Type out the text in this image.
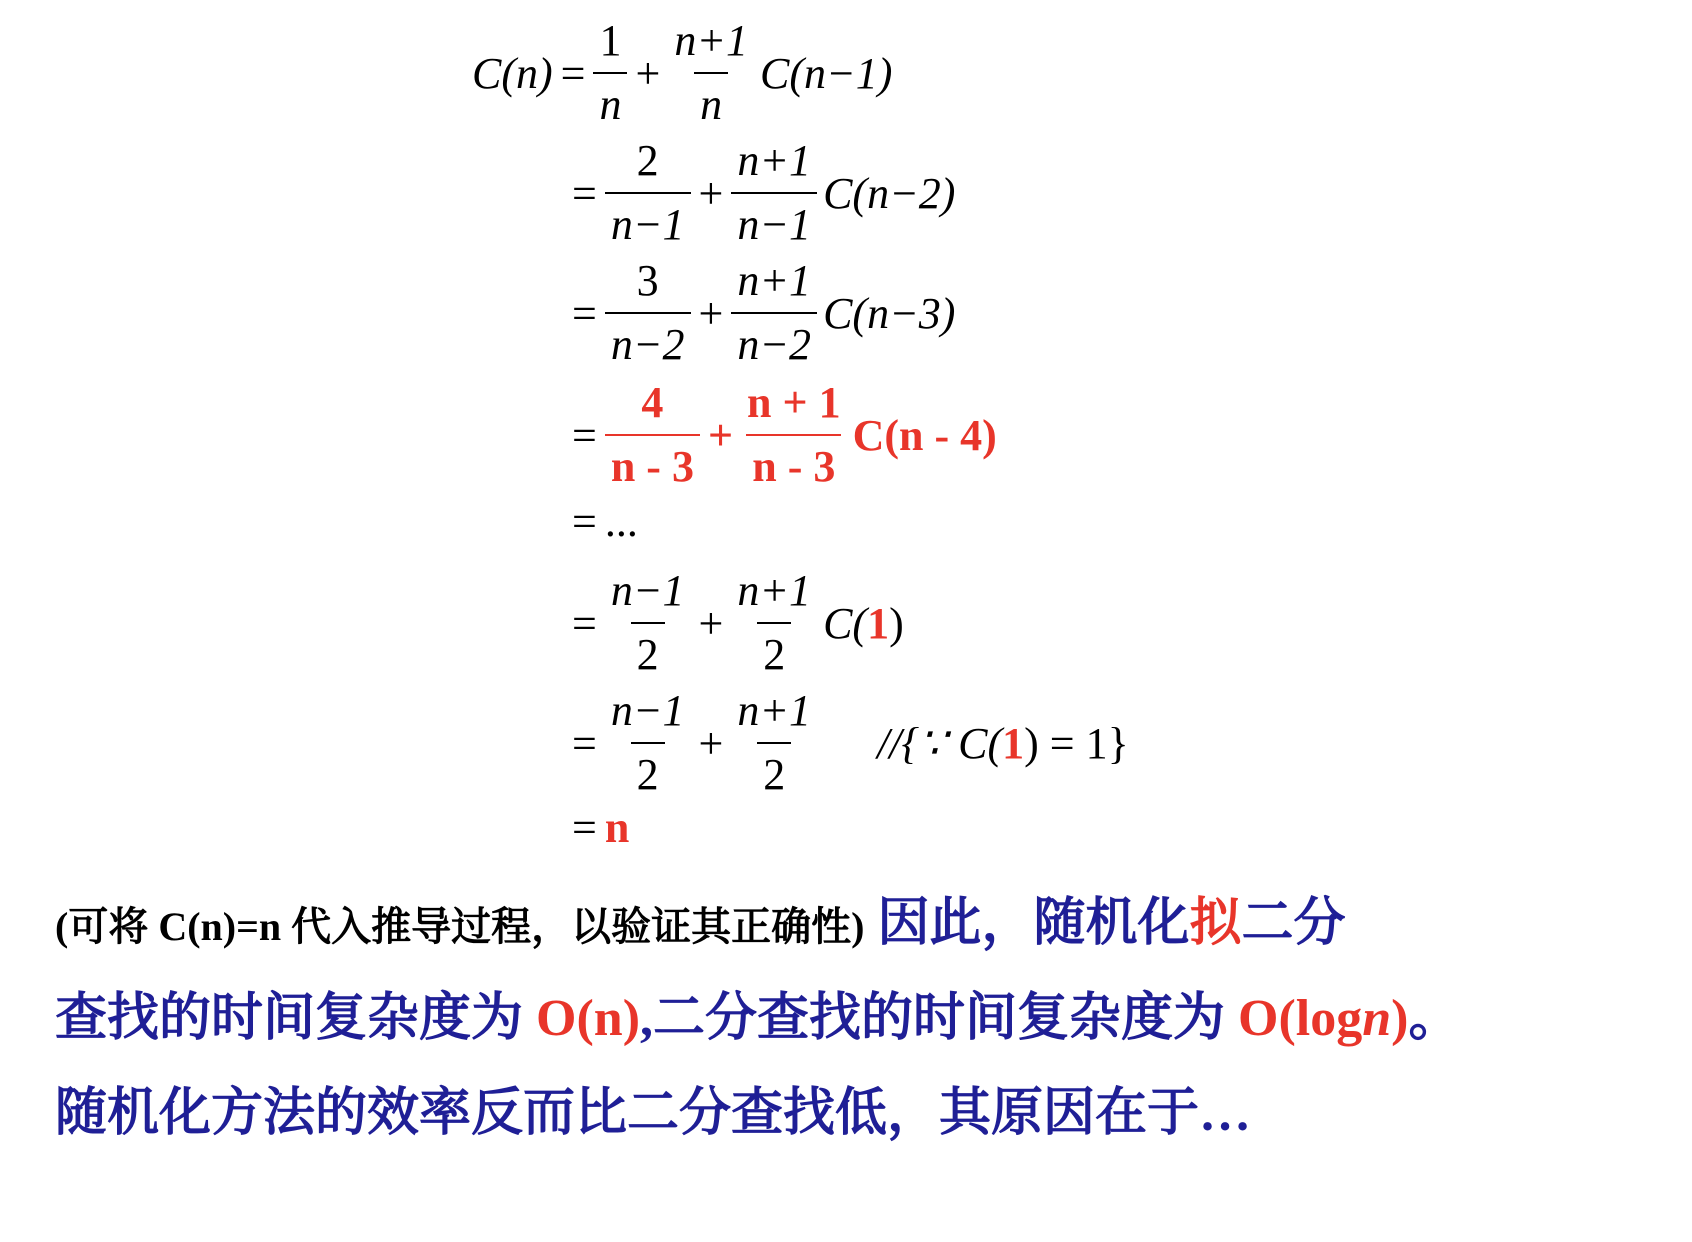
$C(n) = \frac{1}{n} + \frac{n+1}{n} C(n-1)$
= $\frac{2}{n-1} + \frac{n+1}{n-1} C(n-2)$
= $\frac{3}{n-2} + \frac{n+1}{n-2} C(n-3)$
= $\frac{4}{n - 3} + \frac{n + 1}{n - 3} C(n - 4)$
= ...
= $\frac{n-1}{2} + \frac{n+1}{2} C(1)$
= $\frac{n-1}{2} + \frac{n+1}{2}$ //{∵ C(1) = 1}
= n
(可将 C(n)=n 代入推导过程，以验证其正确性) 因此，随机化拟二分
查找的时间复杂度为 O(n),二分查找的时间复杂度为 O(logn)。
随机化方法的效率反而比二分查找低，其原因在于…
